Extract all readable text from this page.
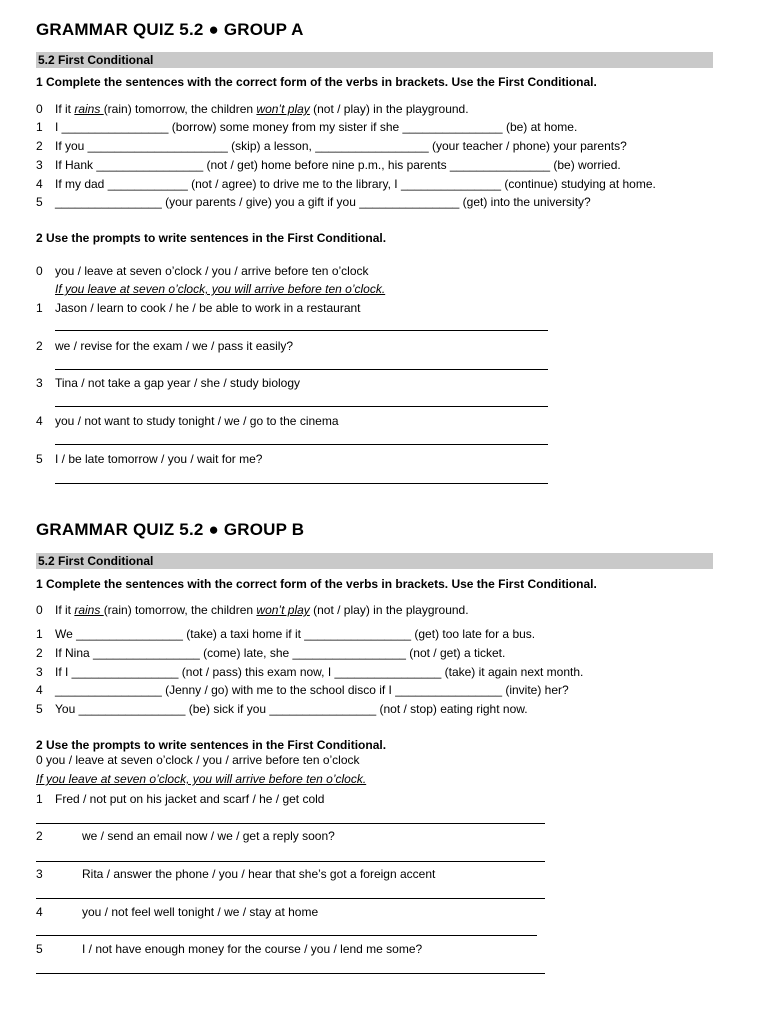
GRAMMAR QUIZ 5.2 ● GROUP A
5.2 First Conditional
1 Complete the sentences with the correct form of the verbs in brackets. Use the First Conditional.
0 If it rains (rain) tomorrow, the children won’t play (not / play) in the playground.
1 I ________________ (borrow) some money from my sister if she _______________ (be) at home.
2 If you _____________________ (skip) a lesson, _________________ (your teacher / phone) your parents?
3 If Hank ________________ (not / get) home before nine p.m., his parents _______________ (be) worried.
4 If my dad ____________ (not / agree) to drive me to the library, I _______________ (continue) studying at home.
5 ________________ (your parents / give) you a gift if you _______________ (get) into the university?
2 Use the prompts to write sentences in the First Conditional.
0 you / leave at seven o’clock / you / arrive before ten o’clock
If you leave at seven o’clock, you will arrive before ten o’clock.
1 Jason / learn to cook / he / be able to work in a restaurant
2 we / revise for the exam / we / pass it easily?
3 Tina / not take a gap year / she / study biology
4 you / not want to study tonight / we / go to the cinema
5 I / be late tomorrow / you / wait for me?
GRAMMAR QUIZ 5.2 ● GROUP B
5.2 First Conditional
1 Complete the sentences with the correct form of the verbs in brackets. Use the First Conditional.
0 If it rains (rain) tomorrow, the children won’t play (not / play) in the playground.
1 We ________________ (take) a taxi home if it ________________ (get) too late for a bus.
2 If Nina ________________ (come) late, she _________________ (not / get) a ticket.
3 If I ________________ (not / pass) this exam now, I ________________ (take) it again next month.
4 ________________ (Jenny / go) with me to the school disco if I ________________ (invite) her?
5 You ________________ (be) sick if you ________________ (not / stop) eating right now.
2 Use the prompts to write sentences in the First Conditional.
0 you / leave at seven o’clock / you / arrive before ten o’clock
If you leave at seven o’clock, you will arrive before ten o’clock.
1 Fred / not put on his jacket and scarf / he / get cold
2	we / send an email now / we / get a reply soon?
3	Rita / answer the phone / you / hear that she’s got a foreign accent
4	you / not feel well tonight / we / stay at home
5	I / not have enough money for the course / you / lend me some?
